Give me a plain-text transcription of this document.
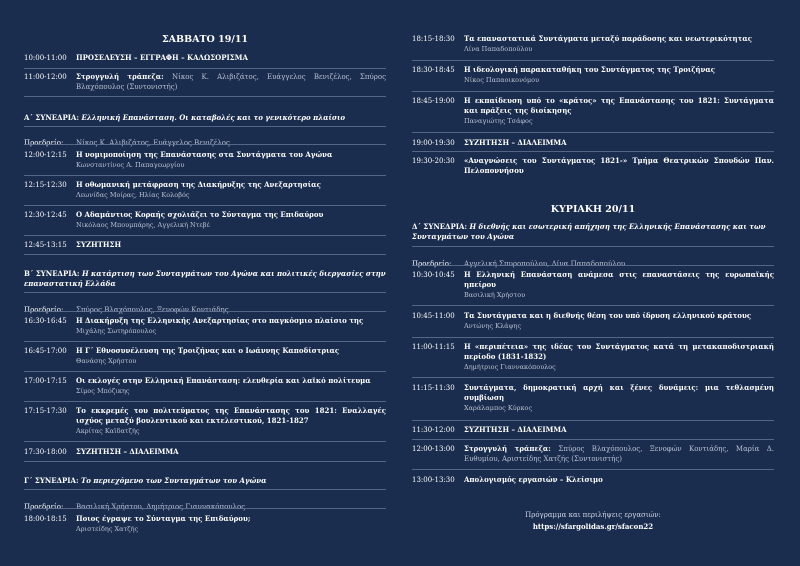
ΣΑΒΒΑΤΟ 19/11
10:00-11:00	ΠΡΟΣΕΛΕΥΣΗ – ΕΓΓΡΑΦΗ – ΚΑΛΩΣΟΡΙΣΜΑ
11:00-12:00	Στρογγυλή τράπεζα: Νίκος Κ. Αλιβιζάτος, Ευάγγελος Βενιζέλος, Σπύρος Βλαχόπουλος (Συντονιστής)
Α΄ ΣΥΝΕΔΡΙΑ: Ελληνική Επανάσταση. Οι καταβολές και το γενικότερο πλαίσιο
Προεδρείο: Νίκος Κ. Αλιβιζάτος, Ευάγγελος Βενιζέλος
12:00-12:15	Η νομιμοποίηση της Επανάστασης στα Συντάγματα του Αγώνα
Κωνσταντίνος Α. Παπαγεωργίου
12:15-12:30	Η οθωμανική μετάφραση της Διακήρυξης της Ανεξαρτησίας
Λεωνίδας Μοίρας, Ηλίας Κολοβός
12:30-12:45	Ο Αδαμάντιος Κοραής σχολιάζει το Σύνταγμα της Επιδαύρου
Νικόλαος Μπουμπάρης, Αγγελική Ντεβέ
12:45-13:15	ΣΥΖΗΤΗΣΗ
Β΄ ΣΥΝΕΔΡΙΑ: Η κατάρτιση των Συνταγμάτων του Αγώνα και πολιτικές διεργασίες στην επαναστατική Ελλάδα
Προεδρείο: Σπύρος Βλαχόπουλος, Ξενοφών Κοντιάδης
16:30-16:45	Η Διακήρυξη της Ελληνικής Ανεξαρτησίας στο παγκόσμιο πλαίσιο της
Μιχάλης Σωτηρόπουλος
16:45-17:00	Η Γ΄ Εθνοσυνέλευση της Τροιζήνας και ο Ιωάννης Καποδίστριας
Θανάσης Χρήστου
17:00-17:15	Οι εκλογές στην Ελληνική Επανάσταση: ελευθερία και λαϊκό πολίτευμα
Σίμος Μπόζικης
17:15-17:30	Το εκκρεμές του πολιτεύματος της Επανάστασης του 1821: Εναλλαγές ισχύος μεταξύ βουλευτικού και εκτελεστικού, 1821-1827
Ακρίτας Καϊδατζής
17:30-18:00	ΣΥΖΗΤΗΣΗ – ΔΙΑΛΕΙΜΜΑ
Γ΄ ΣΥΝΕΔΡΙΑ: Το περιεχόμενο των Συνταγμάτων του Αγώνα
Προεδρείο: Βασιλική Χρήστου, Δημήτριος Γιαννακόπουλος
18:00-18:15	Ποιος έγραψε το Σύνταγμα της Επιδαύρου;
Αριστείδης Χατζής
18:15-18:30	Τα επαναστατικά Συντάγματα μεταξύ παράδοσης και νεωτερικότητας
Λίνα Παπαδοπούλου
18:30-18:45	Η ιδεολογική παρακαταθήκη του Συντάγματος της Τροιζήνας
Νίκος Παπαοικονόμου
18:45-19:00	Η εκπαίδευση υπό το «κράτος» της Επανάστασης του 1821: Συντάγματα και πράξεις της διοίκησης
Παναγιώτης Τσάφος
19:00-19:30	ΣΥΖΗΤΗΣΗ – ΔΙΑΛΕΙΜΜΑ
19:30-20:30	«Αναγνώσεις του Συντάγματος 1821-» Τμήμα Θεατρικών Σπουδών Παν. Πελοποννήσου
ΚΥΡΙΑΚΗ 20/11
Δ΄ ΣΥΝΕΔΡΙΑ: Η διεθνής και εσωτερική απήχηση της Ελληνικής Επανάστασης και των Συνταγμάτων του Αγώνα
Προεδρείο: Αγγελική Σπυροπούλου, Λίνα Παπαδοπούλου
10:30-10:45	Η Ελληνική Επανάσταση ανάμεσα στις επαναστάσεις της ευρωπαϊκής ηπείρου
Βασιλική Χρήστου
10:45-11:00	Τα Συντάγματα και η διεθνής θέση του υπό ίδρυση ελληνικού κράτους
Αντώνης Κλάψης
11:00-11:15	Η «περιπέτεια» της ιδέας του Συντάγματος κατά τη μετακαποδιστριακή περίοδο (1831-1832)
Δημήτριος Γιαννακόπουλος
11:15-11:30	Συντάγματα, δημοκρατική αρχή και ξένες δυνάμεις: μια τεθλασμένη συμβίωση
Χαράλαμπος Κύρκος
11:30-12:00	ΣΥΖΗΤΗΣΗ – ΔΙΑΛΕΙΜΜΑ
12:00-13:00	Στρογγυλή τράπεζα: Σπύρος Βλαχόπουλος, Ξενοφών Κοντιάδης, Μαρία Δ. Ευθυμίου, Αριστείδης Χατζής (Συντονιστής)
13:00-13:30	Απολογισμός εργασιών – Κλείσιμο
Πρόγραμμα και περιλήψεις εργασιών:
https://sfargolidas.gr/sfacon22
